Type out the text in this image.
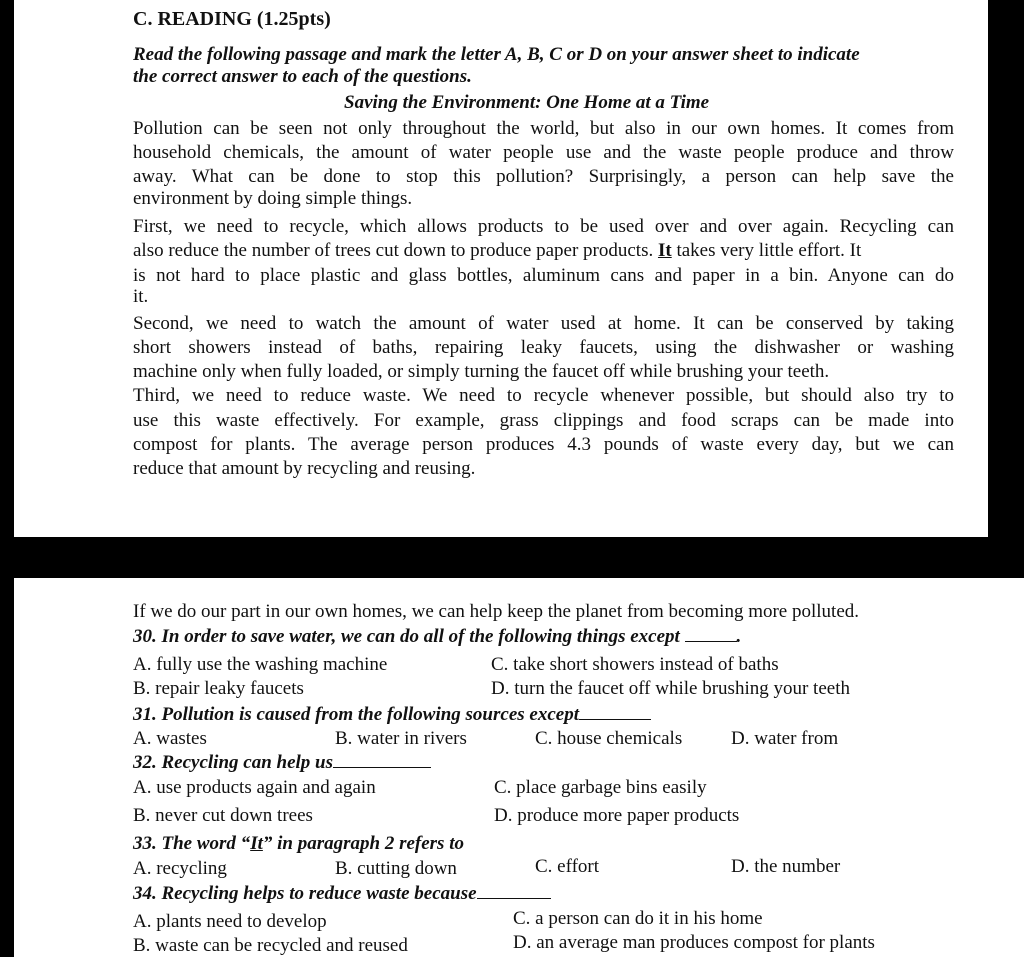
C. READING (1.25pts)
Read the following passage and mark the letter A, B, C or D on your answer sheet to indicate
the correct answer to each of the questions.
Saving the Environment: One Home at a Time
Pollution can be seen not only throughout the world, but also in our own homes. It comes from
household chemicals, the amount of water people use and the waste people produce and throw
away. What can be done to stop this pollution? Surprisingly, a person can help save the
environment by doing simple things.
First, we need to recycle, which allows products to be used over and over again. Recycling can
also reduce the number of trees cut down to produce paper products. It takes very little effort. It
is not hard to place plastic and glass bottles, aluminum cans and paper in a bin. Anyone can do
it.
Second, we need to watch the amount of water used at home. It can be conserved by taking
short showers instead of baths, repairing leaky faucets, using the dishwasher or washing
machine only when fully loaded, or simply turning the faucet off while brushing your teeth.
Third, we need to reduce waste. We need to recycle whenever possible, but should also try to
use this waste effectively. For example, grass clippings and food scraps can be made into
compost for plants. The average person produces 4.3 pounds of waste every day, but we can
reduce that amount by recycling and reusing.
If we do our part in our own homes, we can help keep the planet from becoming more polluted.
30. In order to save water, we can do all of the following things except	.
A. fully use the washing machine	C. take short showers instead of baths
B. repair leaky faucets	D. turn the faucet off while brushing your teeth
31. Pollution is caused from the following sources except
A. wastes	B. water in rivers	C. house chemicals	D. water from
32. Recycling can help us
A. use products again and again	C. place garbage bins easily
B. never cut down trees	D. produce more paper products
33. The word “It” in paragraph 2 refers to
A. recycling	B. cutting down	C. effort	D. the number
34. Recycling helps to reduce waste because
A. plants need to develop	C. a person can do it in his home
B. waste can be recycled and reused	D. an average man produces compost for plants
